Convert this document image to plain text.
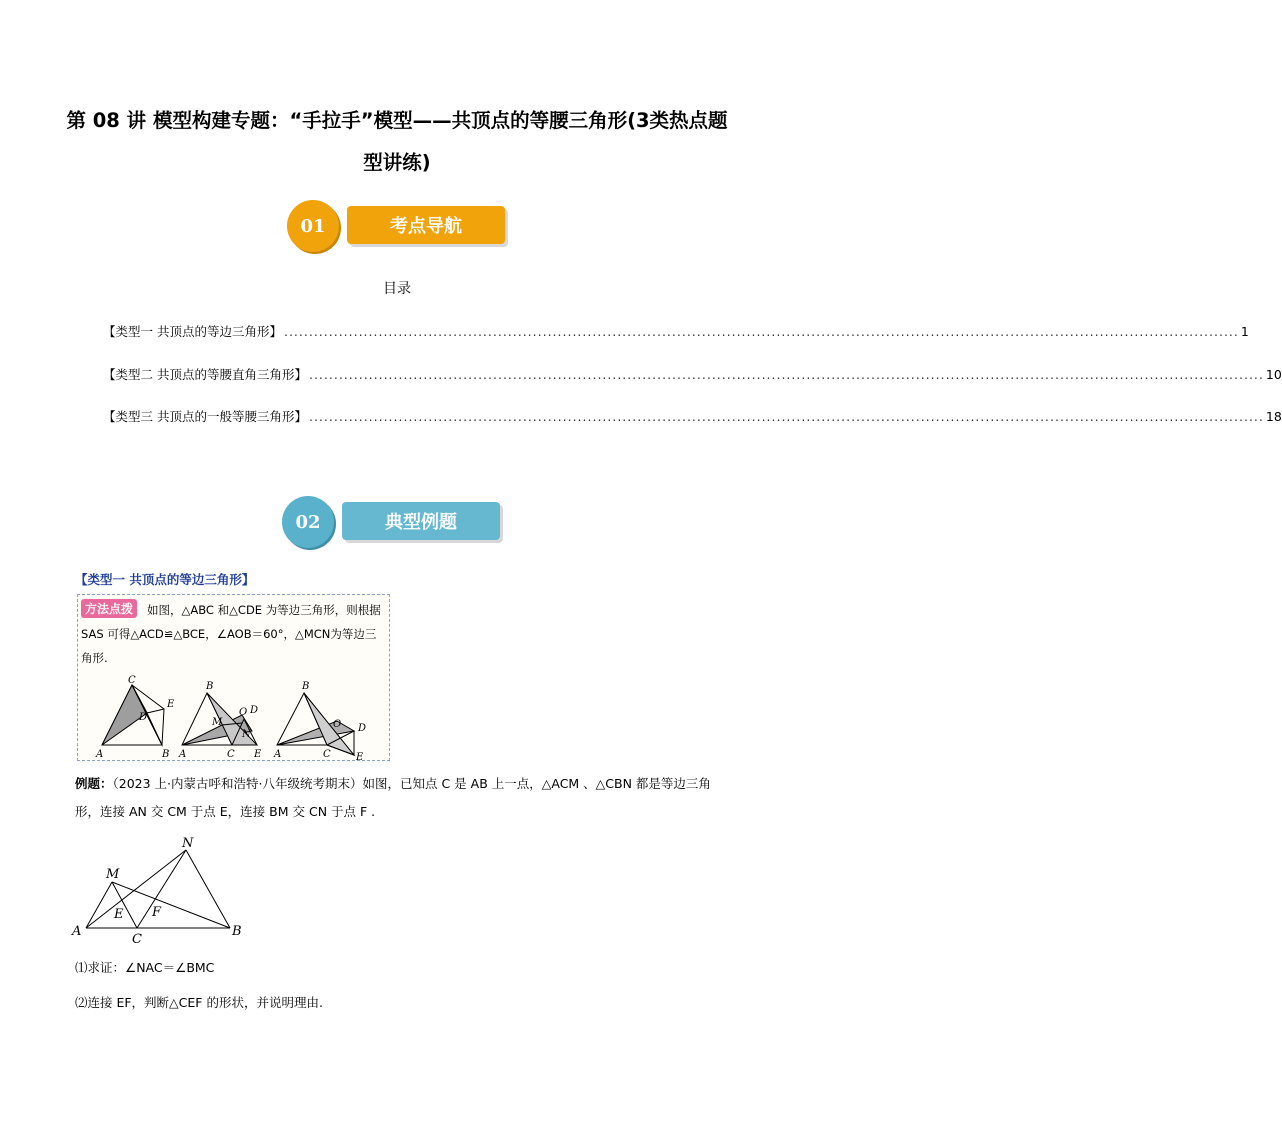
第 08 讲 模型构建专题：“手拉手”模型——共顶点的等腰三角形(3类热点题型讲练)
01	考点导航
目录
【类型一 共顶点的等边三角形】 ................................................................................................................................................................................................ 1
【类型二 共顶点的等腰直角三角形】 ................................................................................................................................................................................................ 10
【类型三 共顶点的一般等腰三角形】 ................................................................................................................................................................................................ 18
02	典型例题
【类型一 共顶点的等边三角形】
如图，△ABC 和△CDE 为等边三角形，则根据 SAS 可得△ACD≌△BCE，∠AOB＝60°，△MCN为等边三角形.
方法点拨
C
E
D
A	B
B
O D
M
N
A	C E
B
O D
A	C	E
例题：（2023 上·内蒙古呼和浩特·八年级统考期末）如图，已知点 C 是 AB 上一点，△ACM 、△CBN 都是等边三角形，连接 AN 交 CM 于点 E，连接 BM 交 CN 于点 F .
N
M
E F
A
C
B
⑴求证：∠NAC＝∠BMC
⑵连接 EF，判断△CEF 的形状，并说明理由.
